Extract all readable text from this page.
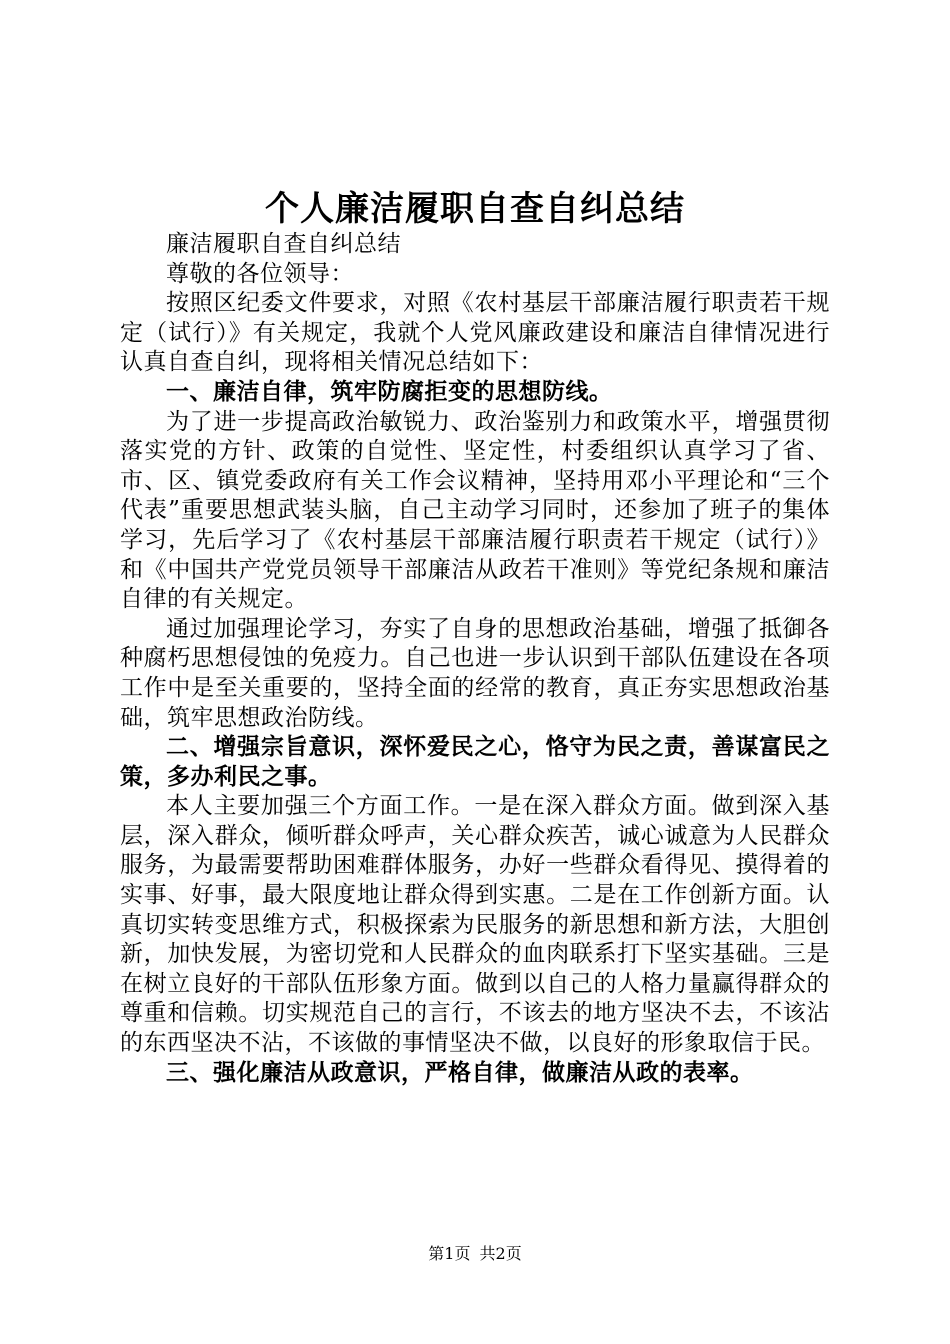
个人廉洁履职自查自纠总结

廉洁履职自查自纠总结

尊敬的各位领导：

按照区纪委文件要求，对照《农村基层干部廉洁履行职责若干规定（试行）》有关规定，我就个人党风廉政建设和廉洁自律情况进行认真自查自纠，现将相关情况总结如下：

一、廉洁自律，筑牢防腐拒变的思想防线。

为了进一步提高政治敏锐力、政治鉴别力和政策水平，增强贯彻落实党的方针、政策的自觉性、坚定性，村委组织认真学习了省、市、区、镇党委政府有关工作会议精神，坚持用邓小平理论和“三个代表”重要思想武装头脑，自己主动学习同时，还参加了班子的集体学习，先后学习了《农村基层干部廉洁履行职责若干规定（试行）》和《中国共产党党员领导干部廉洁从政若干准则》等党纪条规和廉洁自律的有关规定。

通过加强理论学习，夯实了自身的思想政治基础，增强了抵御各种腐朽思想侵蚀的免疫力。自己也进一步认识到干部队伍建设在各项工作中是至关重要的，坚持全面的经常的教育，真正夯实思想政治基础，筑牢思想政治防线。

二、增强宗旨意识，深怀爱民之心，恪守为民之责，善谋富民之策，多办利民之事。

本人主要加强三个方面工作。一是在深入群众方面。做到深入基层，深入群众，倾听群众呼声，关心群众疾苦，诚心诚意为人民群众服务，为最需要帮助困难群体服务，办好一些群众看得见、摸得着的实事、好事，最大限度地让群众得到实惠。二是在工作创新方面。认真切实转变思维方式，积极探索为民服务的新思想和新方法，大胆创新，加快发展，为密切党和人民群众的血肉联系打下坚实基础。三是在树立良好的干部队伍形象方面。做到以自己的人格力量赢得群众的尊重和信赖。切实规范自己的言行，不该去的地方坚决不去，不该沾的东西坚决不沾，不该做的事情坚决不做，以良好的形象取信于民。

三、强化廉洁从政意识，严格自律，做廉洁从政的表率。

第1页 共2页
